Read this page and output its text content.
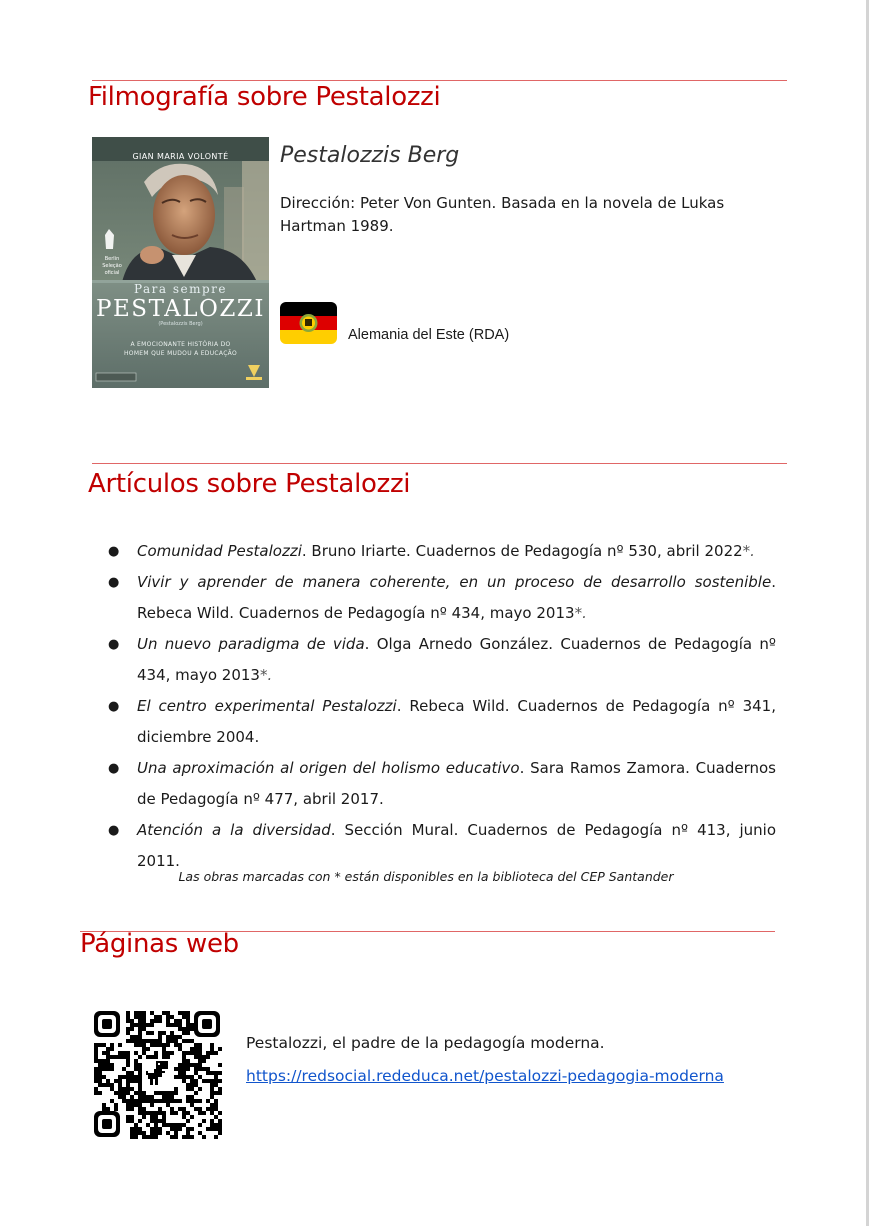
Filmografía sobre Pestalozzi
GIAN MARIA VOLONTÉ
Berlin Seleção oficial
Para sempre
PESTALOZZI
(Pestalozzis Berg)
A EMOCIONANTE HISTÓRIA DO
HOMEM QUE MUDOU A EDUCAÇÃO
Pestalozzis Berg

Dirección: Peter Von Gunten. Basada en la novela de Lukas Hartman 1989.

Alemania del Este (RDA)
Artículos sobre Pestalozzi
● Comunidad Pestalozzi. Bruno Iriarte. Cuadernos de Pedagogía nº 530, abril 2022*.
● Vivir y aprender de manera coherente, en un proceso de desarrollo sostenible. Rebeca Wild. Cuadernos de Pedagogía nº 434, mayo 2013*.
● Un nuevo paradigma de vida. Olga Arnedo González. Cuadernos de Pedagogía nº 434, mayo 2013*.
● El centro experimental Pestalozzi. Rebeca Wild. Cuadernos de Pedagogía nº 341, diciembre 2004.
● Una aproximación al origen del holismo educativo. Sara Ramos Zamora. Cuadernos de Pedagogía nº 477, abril 2017.
● Atención a la diversidad. Sección Mural. Cuadernos de Pedagogía nº 413, junio 2011.
Las obras marcadas con * están disponibles en la biblioteca del CEP Santander
Páginas web
Pestalozzi, el padre de la pedagogía moderna.
https://redsocial.rededuca.net/pestalozzi-pedagogia-moderna
